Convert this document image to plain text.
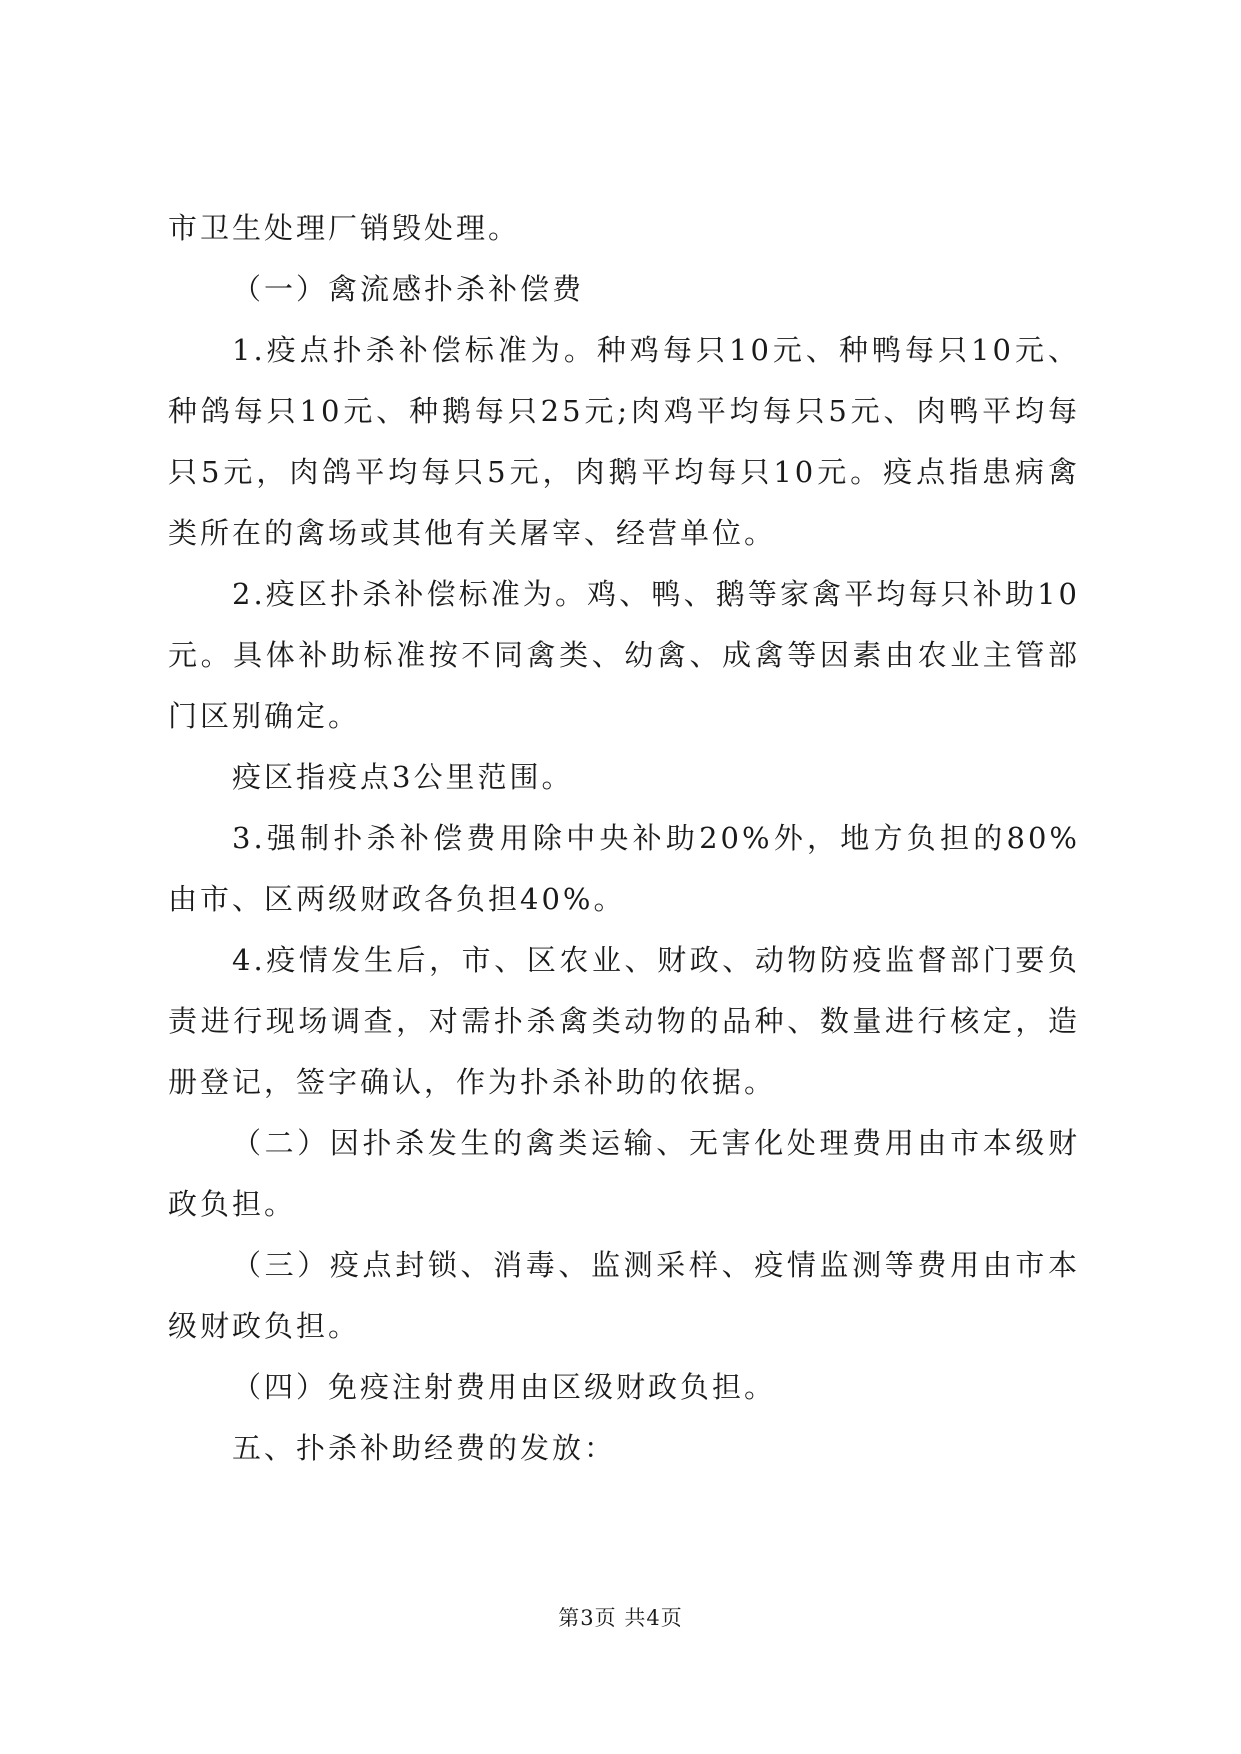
市卫生处理厂销毁处理。

（一）禽流感扑杀补偿费

1.疫点扑杀补偿标准为。种鸡每只10元、种鸭每只10元、种鸽每只10元、种鹅每只25元;肉鸡平均每只5元、肉鸭平均每只5元，肉鸽平均每只5元，肉鹅平均每只10元。疫点指患病禽类所在的禽场或其他有关屠宰、经营单位。

2.疫区扑杀补偿标准为。鸡、鸭、鹅等家禽平均每只补助10元。具体补助标准按不同禽类、幼禽、成禽等因素由农业主管部门区别确定。

疫区指疫点3公里范围。

3.强制扑杀补偿费用除中央补助20%外，地方负担的80%由市、区两级财政各负担40%。

4.疫情发生后，市、区农业、财政、动物防疫监督部门要负责进行现场调查，对需扑杀禽类动物的品种、数量进行核定，造册登记，签字确认，作为扑杀补助的依据。

（二）因扑杀发生的禽类运输、无害化处理费用由市本级财政负担。

（三）疫点封锁、消毒、监测采样、疫情监测等费用由市本级财政负担。

（四）免疫注射费用由区级财政负担。

五、扑杀补助经费的发放：

第3页 共4页
